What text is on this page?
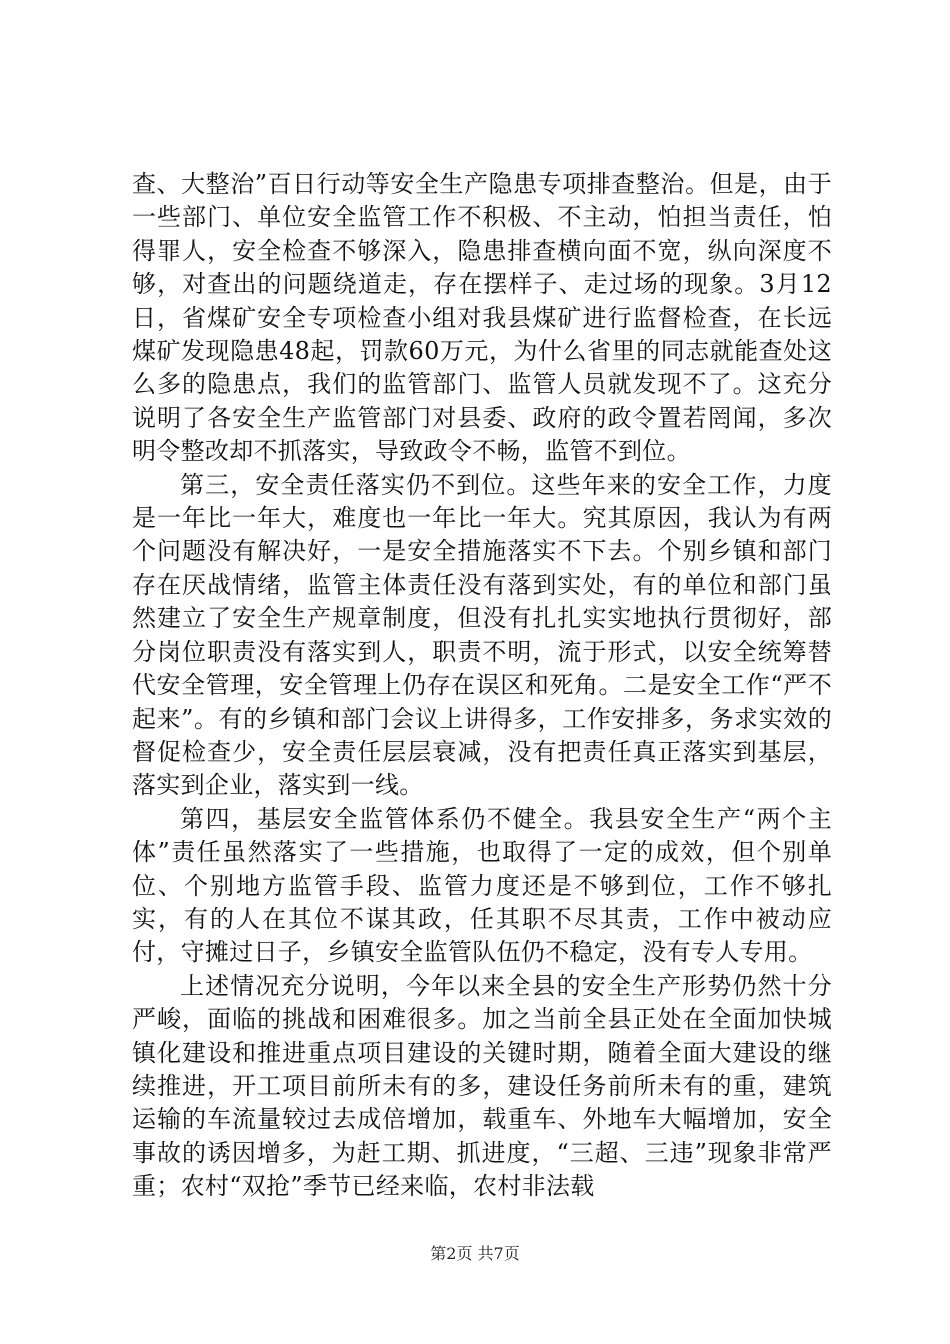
查、大整治”百日行动等安全生产隐患专项排查整治。但是，由于一些部门、单位安全监管工作不积极、不主动，怕担当责任，怕得罪人，安全检查不够深入，隐患排查横向面不宽，纵向深度不够，对查出的问题绕道走，存在摆样子、走过场的现象。3月12日，省煤矿安全专项检查小组对我县煤矿进行监督检查，在长远煤矿发现隐患48起，罚款60万元，为什么省里的同志就能查处这么多的隐患点，我们的监管部门、监管人员就发现不了。这充分说明了各安全生产监管部门对县委、政府的政令置若罔闻，多次明令整改却不抓落实，导致政令不畅，监管不到位。

第三，安全责任落实仍不到位。这些年来的安全工作，力度是一年比一年大，难度也一年比一年大。究其原因，我认为有两个问题没有解决好，一是安全措施落实不下去。个别乡镇和部门存在厌战情绪，监管主体责任没有落到实处，有的单位和部门虽然建立了安全生产规章制度，但没有扎扎实实地执行贯彻好，部分岗位职责没有落实到人，职责不明，流于形式，以安全统筹替代安全管理，安全管理上仍存在误区和死角。二是安全工作“严不起来”。有的乡镇和部门会议上讲得多，工作安排多，务求实效的督促检查少，安全责任层层衰减，没有把责任真正落实到基层，落实到企业，落实到一线。

第四，基层安全监管体系仍不健全。我县安全生产“两个主体”责任虽然落实了一些措施，也取得了一定的成效，但个别单位、个别地方监管手段、监管力度还是不够到位，工作不够扎实，有的人在其位不谋其政，任其职不尽其责，工作中被动应付，守摊过日子，乡镇安全监管队伍仍不稳定，没有专人专用。

上述情况充分说明，今年以来全县的安全生产形势仍然十分严峻，面临的挑战和困难很多。加之当前全县正处在全面加快城镇化建设和推进重点项目建设的关键时期，随着全面大建设的继续推进，开工项目前所未有的多，建设任务前所未有的重，建筑运输的车流量较过去成倍增加，载重车、外地车大幅增加，安全事故的诱因增多，为赶工期、抓进度，“三超、三违”现象非常严重；农村“双抢”季节已经来临，农村非法载

第2页 共7页
